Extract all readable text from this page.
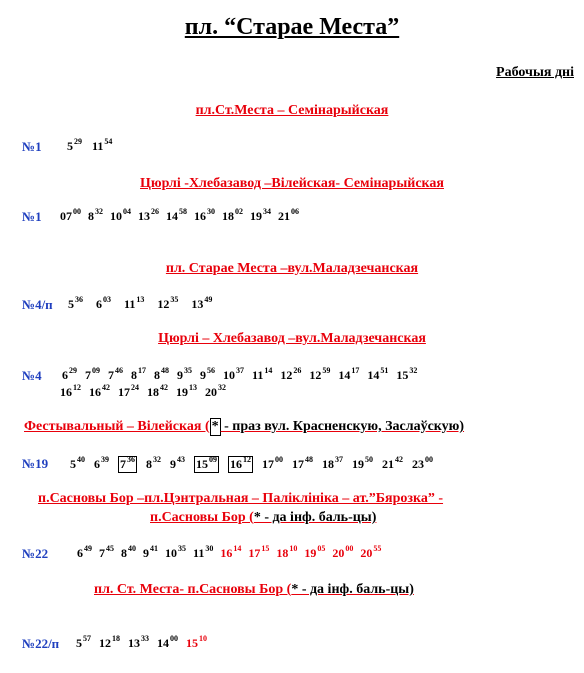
пл. “Старае Места”
Рабочыя дні
пл.Ст.Места – Семінарыйская
№1 $5^{29}$ $11^{54}$
Цюрлі -Хлебазавод –Вілейская- Семінарыйская
№1 $07^{00}$ $8^{32}$ $10^{04}$ $13^{26}$ $14^{58}$ $16^{30}$ $18^{02}$ $19^{34}$ $21^{06}$
пл. Старае Места –вул.Маладзечанская
№4/п $5^{36}$ $6^{03}$ $11^{13}$ $12^{35}$ $13^{49}$
Цюрлі – Хлебазавод –вул.Маладзечанская
№4 $6^{29}$ $7^{09}$ $7^{46}$ $8^{17}$ $8^{48}$ $9^{35}$ $9^{56}$ $10^{37}$ $11^{14}$ $12^{26}$ $12^{59}$ $14^{17}$ $14^{51}$ $15^{32}$
$16^{12}$ $16^{42}$ $17^{24}$ $18^{42}$ $19^{13}$ $20^{32}$
Фестывальный – Вілейская ( * - праз вул. Красненскую, Заслаўскую)
№19 $5^{40}$ $6^{39}$ $7^{36}$ $8^{32}$ $9^{43}$ $15^{09}$ $16^{12}$ $17^{00}$ $17^{48}$ $18^{37}$ $19^{50}$ $21^{42}$ $23^{00}$
п.Сасновы Бор –пл.Цэнтральная – Паліклініка – ат.”Бярозка” -
п.Сасновы Бор (* - да інф. баль-цы)
№22 $6^{49}$ $7^{45}$ $8^{40}$ $9^{41}$ $10^{35}$ $11^{30}$ $16^{14}$ $17^{15}$ $18^{10}$ $19^{05}$ $20^{00}$ $20^{55}$
пл. Ст. Места- п.Сасновы Бор (* - да інф. баль-цы)
№22/п $5^{57}$ $12^{18}$ $13^{33}$ $14^{00}$ $15^{10}$
